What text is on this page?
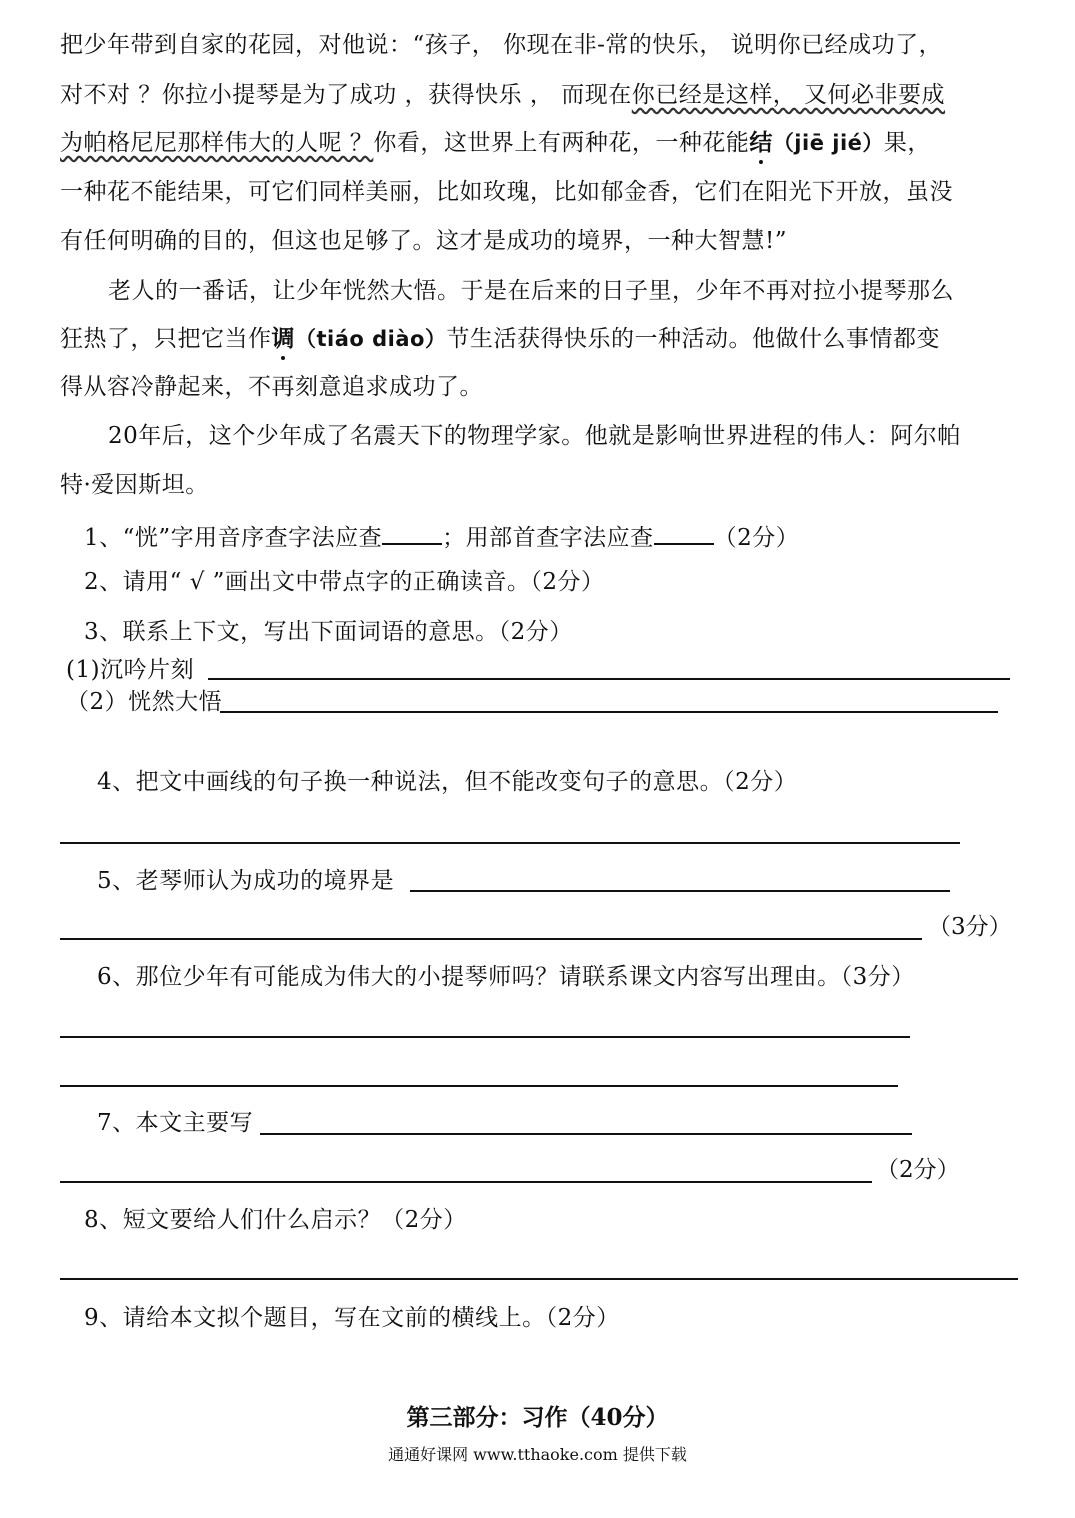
把少年带到自家的花园，对他说：“孩子， 你现在非-常的快乐， 说明你已经成功了，
对不对 ？你拉小提琴是为了成功 ，获得快乐 ， 而现在你已经是这样， 又何必非要成
为帕格尼尼那样伟大的人呢 ？你看，这世界上有两种花，一种花能结（jiē jié）果，
一种花不能结果，可它们同样美丽，比如玫瑰，比如郁金香，它们在阳光下开放，虽没
有任何明确的目的，但这也足够了。这才是成功的境界，一种大智慧!”
老人的一番话，让少年恍然大悟。于是在后来的日子里，少年不再对拉小提琴那么
狂热了，只把它当作调（tiáo diào）节生活获得快乐的一种活动。他做什么事情都变
得从容冷静起来，不再刻意追求成功了。
20年后，这个少年成了名震天下的物理学家。他就是影响世界进程的伟人：阿尔帕
特·爱因斯坦。
1、“恍”字用音序查字法应查	；用部首查字法应查	（2分）
2、请用“ √ ”画出文中带点字的正确读音。（2分）
3、联系上下文，写出下面词语的意思。（2分）
(1)沉吟片刻
（2）恍然大悟
4、把文中画线的句子换一种说法，但不能改变句子的意思。（2分）
5、老琴师认为成功的境界是
（3分）
6、那位少年有可能成为伟大的小提琴师吗？请联系课文内容写出理由。（3分）
7、本文主要写
（2分）
8、短文要给人们什么启示？（2分）
9、请给本文拟个题目，写在文前的横线上。（2分）
第三部分：习作（40分）
通通好课网 www.tthaoke.com 提供下载
